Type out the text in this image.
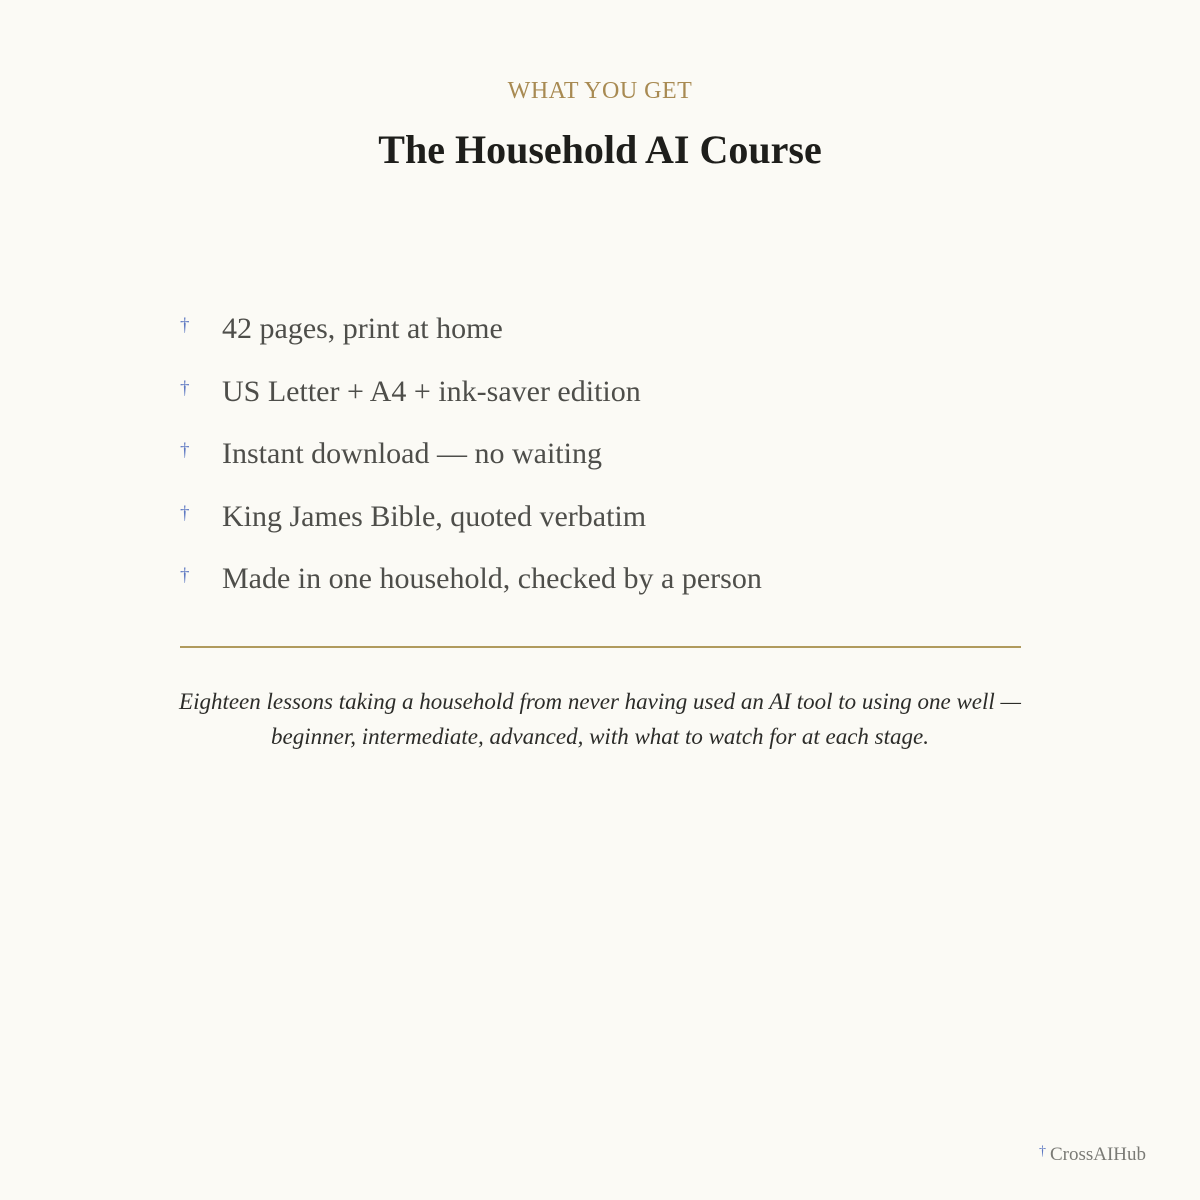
WHAT YOU GET
The Household AI Course
† 42 pages, print at home
† US Letter + A4 + ink-saver edition
† Instant download — no waiting
† King James Bible, quoted verbatim
† Made in one household, checked by a person

Eighteen lessons taking a household from never having used an AI tool to using one well — beginner, intermediate, advanced, with what to watch for at each stage.

† CrossAIHub
